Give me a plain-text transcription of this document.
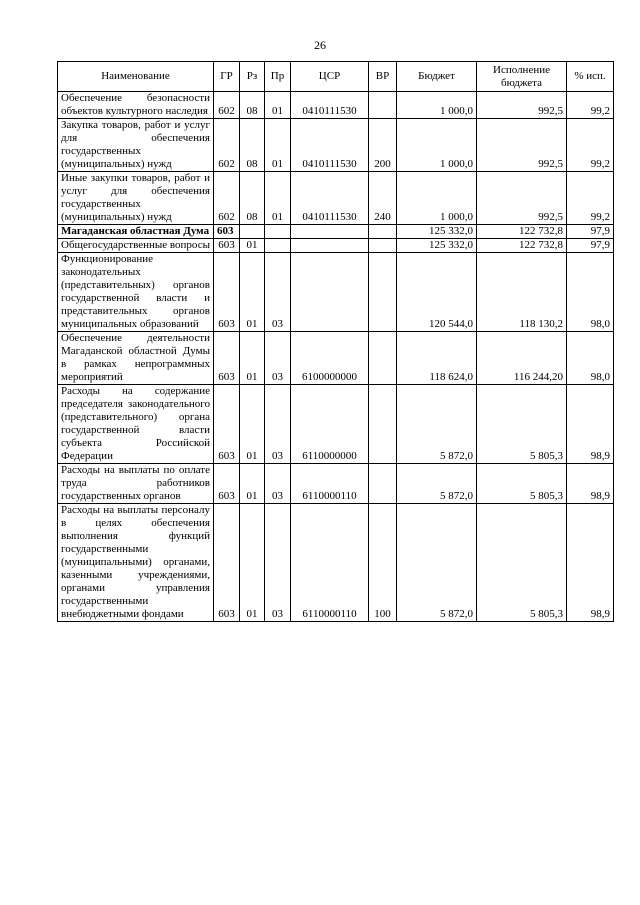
26
Наименование	ГР	Рз	Пр	ЦСР	ВР	Бюджет	Исполнение бюджета	% исп.
Обеспечение безопасности объектов культурного наследия	602	08	01	0410111530		1 000,0	992,5	99,2
Закупка товаров, работ и услуг для обеспечения государственных (муниципальных) нужд	602	08	01	0410111530	200	1 000,0	992,5	99,2
Иные закупки товаров, работ и услуг для обеспечения государственных (муниципальных) нужд	602	08	01	0410111530	240	1 000,0	992,5	99,2
Магаданская областная Дума	603					125 332,0	122 732,8	97,9
Общегосударственные вопросы	603	01				125 332,0	122 732,8	97,9
Функционирование законодательных (представительных) органов государственной власти и представительных органов муниципальных образований	603	01	03			120 544,0	118 130,2	98,0
Обеспечение деятельности Магаданской областной Думы в рамках непрограммных мероприятий	603	01	03	6100000000		118 624,0	116 244,20	98,0
Расходы на содержание председателя законодательного (представительного) органа государственной власти субъекта Российской Федерации	603	01	03	6110000000		5 872,0	5 805,3	98,9
Расходы на выплаты по оплате труда работников государственных органов	603	01	03	6110000110		5 872,0	5 805,3	98,9
Расходы на выплаты персоналу в целях обеспечения выполнения функций государственными (муниципальными) органами, казенными учреждениями, органами управления государственными внебюджетными фондами	603	01	03	6110000110	100	5 872,0	5 805,3	98,9
